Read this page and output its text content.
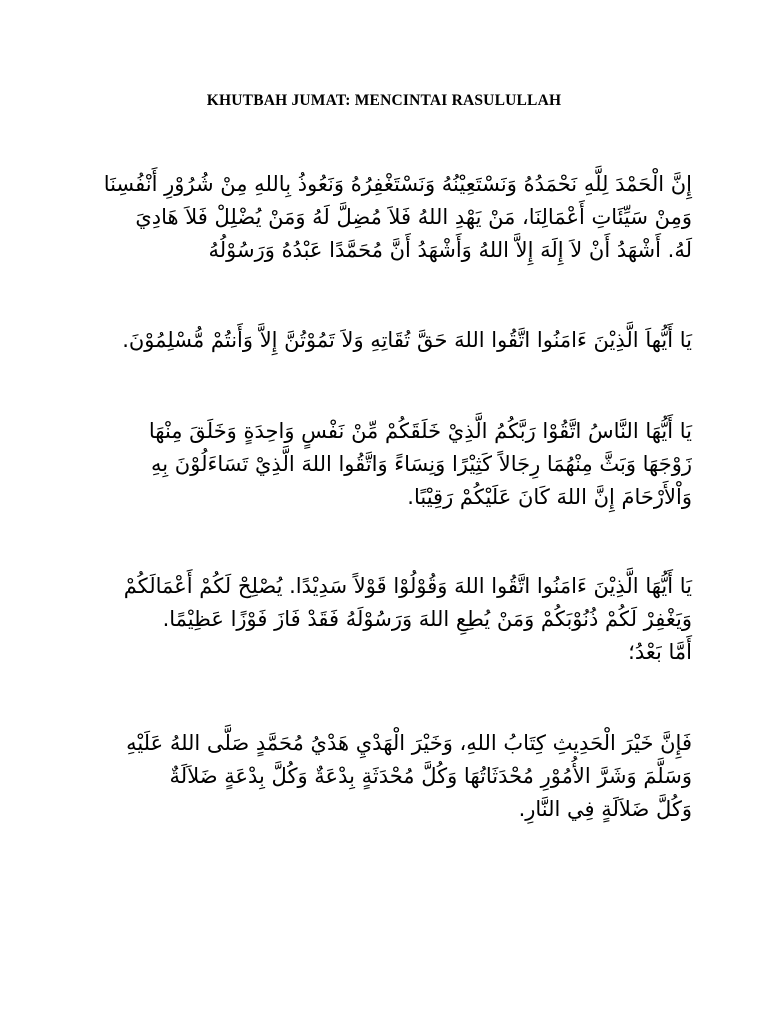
KHUTBAH JUMAT: MENCINTAI RASULULLAH
إِنَّ الْحَمْدَ لِلَّهِ نَحْمَدُهُ وَنَسْتَعِيْنُهُ وَنَسْتَغْفِرُهُ وَنَعُوذُ بِاللهِ مِنْ شُرُوْرِ أَنْفُسِنَا
وَمِنْ سَيِّئَاتِ أَعْمَالِنَا، مَنْ يَهْدِ اللهُ فَلاَ مُضِلَّ لَهُ وَمَنْ يُضْلِلْ فَلاَ هَادِيَ
لَهُ. أَشْهَدُ أَنْ لاَ إِلَهَ إِلاَّ اللهُ وَأَشْهَدُ أَنَّ مُحَمَّدًا عَبْدُهُ وَرَسُوْلُهُ
يَا أَيُّهاَ الَّذِيْنَ ءَامَنُوا اتَّقُوا اللهَ حَقَّ تُقَاتِهِ وَلاَ تَمُوْتُنَّ إِلاَّ وَأَنتُمْ مُّسْلِمُوْنَ.
يَا أَيُّهَا النَّاسُ اتَّقُوْا رَبَّكُمُ الَّذِيْ خَلَقَكُمْ مِّنْ نَفْسٍ وَاحِدَةٍ وَخَلَقَ مِنْهَا
زَوْجَهَا وَبَثَّ مِنْهُمَا رِجَالاً كَثِيْرًا وَنِسَاءً وَاتَّقُوا اللهَ الَّذِيْ تَسَاءَلُوْنَ بِهِ
وَاْلأَرْحَامَ إِنَّ اللهَ كَانَ عَلَيْكُمْ رَقِيْبًا.
يَا أَيُّهَا الَّذِيْنَ ءَامَنُوا اتَّقُوا اللهَ وَقُوْلُوْا قَوْلاً سَدِيْدًا. يُصْلِحْ لَكُمْ أَعْمَالَكُمْ
وَيَغْفِرْ لَكُمْ ذُنُوْبَكُمْ وَمَنْ يُطِعِ اللهَ وَرَسُوْلَهُ فَقَدْ فَازَ فَوْزًا عَظِيْمًا.
أَمَّا بَعْدُ؛
فَإِنَّ خَيْرَ الْحَدِيثِ كِتَابُ اللهِ، وَخَيْرَ الْهَدْيِ هَدْيُ مُحَمَّدٍ صَلَّى اللهُ عَلَيْهِ
وَسَلَّمَ وَشَرَّ الأُمُوْرِ مُحْدَثَاتُهَا وَكُلَّ مُحْدَثَةٍ بِدْعَةٌ وَكُلَّ بِدْعَةٍ ضَلاَلَةٌ
وَكُلَّ ضَلاَلَةٍ فِي النَّارِ.
